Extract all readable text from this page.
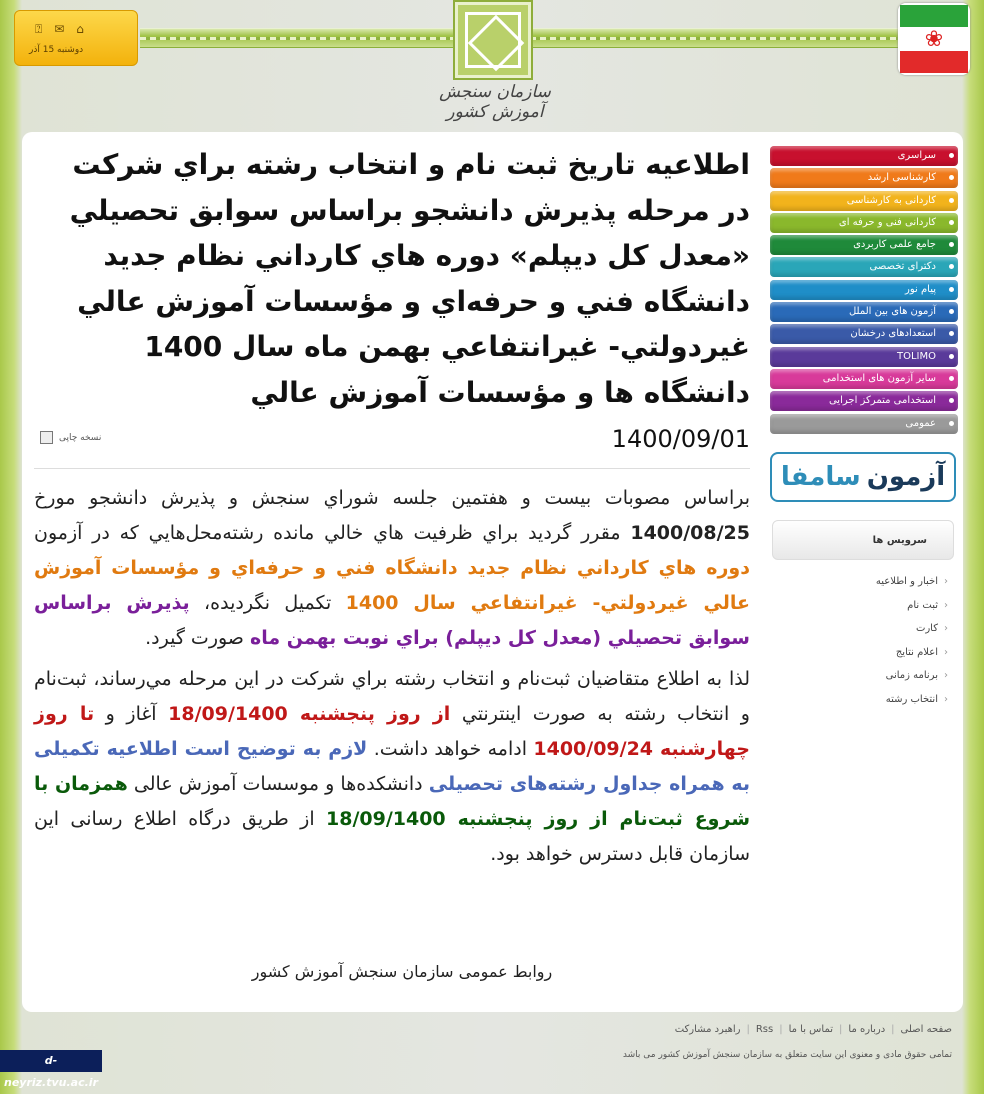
سازمان سنجش آموزش کشور
⍰ ✉ ⌂
دوشنبه 15 آذر	❀
اطلاعيه تاريخ ثبت نام و انتخاب رشته براي شركت در مرحله پذيرش دانشجو براساس سوابق تحصيلي «معدل كل ديپلم» دوره هاي كارداني نظام جديد دانشگاه فني و حرفه‌اي و مؤسسات آموزش عالي غيردولتي- غيرانتفاعي بهمن ماه سال 1400 دانشگاه ها و مؤسسات آموزش عالي
1400/09/01
نسخه چاپی

براساس مصوبات بیست و هفتمین جلسه شوراي سنجش و پذيرش دانشجو مورخ 1400/08/25 مقرر گرديد براي ظرفيت هاي خالي مانده رشته‌محل‌هايي كه در آزمون دوره هاي كارداني نظام جديد دانشگاه فني و حرفه‌اي و مؤسسات آموزش عالي غيردولتي- غيرانتفاعي سال 1400 تكميل نگرديده، پذيرش براساس سوابق تحصيلي (معدل كل ديپلم) براي نوبت بهمن ماه صورت گيرد.

لذا به اطلاع متقاضيان ثبت‌نام و انتخاب رشته براي شركت در اين مرحله مي‌رساند، ثبت‌نام و انتخاب رشته به صورت اينترنتي از روز پنجشنبه 18/09/1400 آغاز و تا روز چهارشنبه 1400/09/24 ادامه خواهد داشت. لازم به توضیح است اطلاعیه تکمیلی به همراه جداول رشته‌های تحصیلی دانشکده‌ها و موسسات آموزش عالی همزمان با شروع ثبت‌نام از روز پنجشنبه 18/09/1400 از طريق درگاه اطلاع رسانی اين سازمان قابل دسترس خواهد بود.

روابط عمومی سازمان سنجش آموزش کشور
سراسری
کارشناسی ارشد
کاردانی به کارشناسی
کاردانی فنی و حرفه ای
جامع علمی کاربردی
دکترای تخصصی
پیام نور
آزمون های بین الملل
استعدادهای درخشان
TOLIMO
سایر آزمون های استخدامی
استخدامی متمرکز اجرایی
عمومی
آزمون
سامفا
سرویس ها
‹ اخبار و اطلاعیه
‹ ثبت نام
‹ کارت
‹ اعلام نتایج
‹ برنامه زمانی
‹ انتخاب رشته
صفحه اصلی
|
درباره ما
|
تماس با ما
|
Rss
|
راهبرد مشارکت
تمامی حقوق مادی و معنوی این سایت متعلق به سازمان سنجش آموزش کشور می باشد
d-neyriz.tvu.ac.ir
